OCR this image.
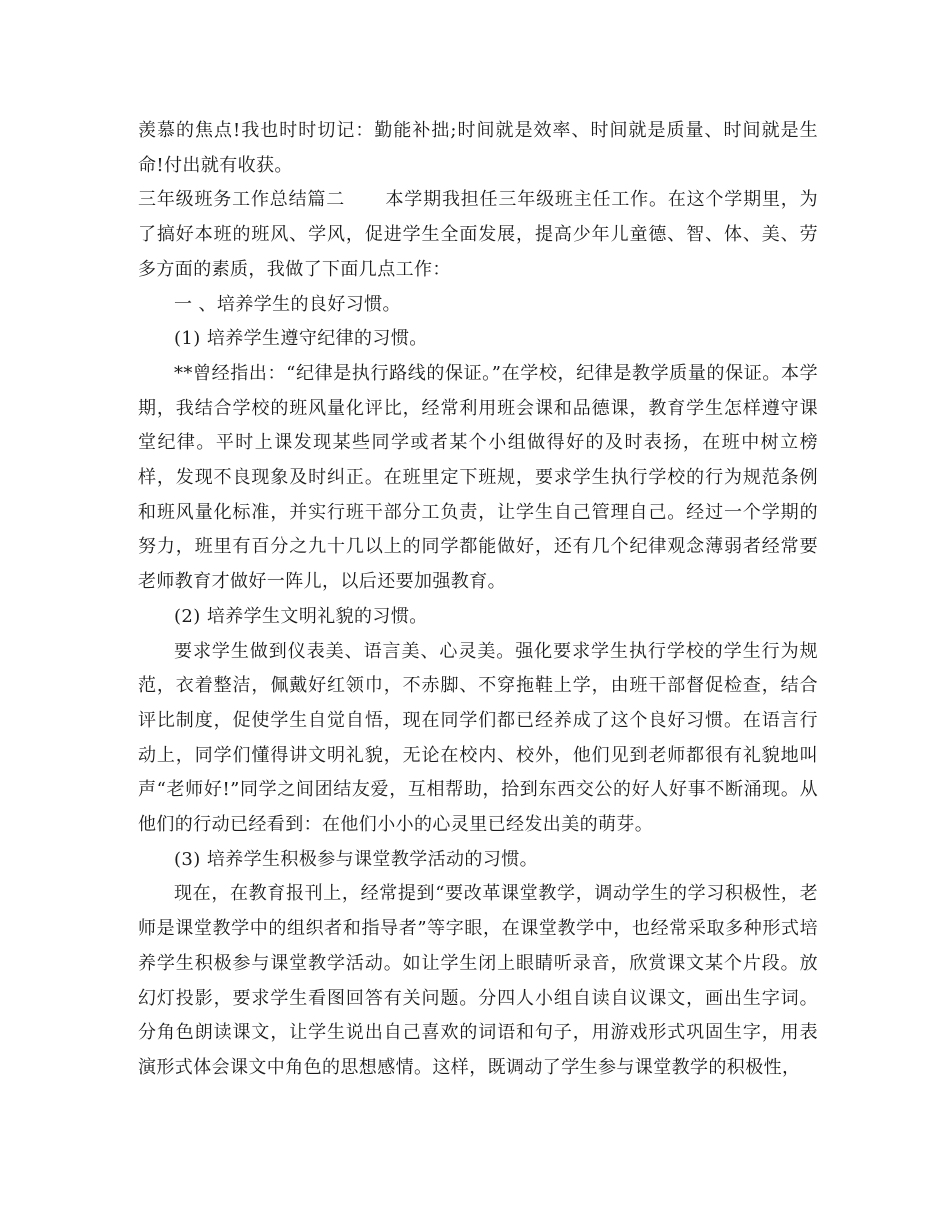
羡慕的焦点!我也时时切记：勤能补拙;时间就是效率、时间就是质量、时间就是生命!付出就有收获。

三年级班务工作总结篇二 本学期我担任三年级班主任工作。在这个学期里，为了搞好本班的班风、学风，促进学生全面发展，提高少年儿童德、智、体、美、劳多方面的素质，我做了下面几点工作：

一 、培养学生的良好习惯。

(1) 培养学生遵守纪律的习惯。

**曾经指出：“纪律是执行路线的保证。”在学校，纪律是教学质量的保证。本学期，我结合学校的班风量化评比，经常利用班会课和品德课，教育学生怎样遵守课堂纪律。平时上课发现某些同学或者某个小组做得好的及时表扬，在班中树立榜样，发现不良现象及时纠正。在班里定下班规，要求学生执行学校的行为规范条例和班风量化标准，并实行班干部分工负责，让学生自己管理自己。经过一个学期的努力，班里有百分之九十几以上的同学都能做好，还有几个纪律观念薄弱者经常要老师教育才做好一阵儿，以后还要加强教育。

(2) 培养学生文明礼貌的习惯。

要求学生做到仪表美、语言美、心灵美。强化要求学生执行学校的学生行为规范，衣着整洁，佩戴好红领巾，不赤脚、不穿拖鞋上学，由班干部督促检查，结合评比制度，促使学生自觉自悟，现在同学们都已经养成了这个良好习惯。在语言行动上，同学们懂得讲文明礼貌，无论在校内、校外，他们见到老师都很有礼貌地叫声“老师好!”同学之间团结友爱，互相帮助，拾到东西交公的好人好事不断涌现。从他们的行动已经看到：在他们小小的心灵里已经发出美的萌芽。

(3) 培养学生积极参与课堂教学活动的习惯。

现在，在教育报刊上，经常提到“要改革课堂教学，调动学生的学习积极性，老师是课堂教学中的组织者和指导者”等字眼，在课堂教学中，也经常采取多种形式培养学生积极参与课堂教学活动。如让学生闭上眼睛听录音，欣赏课文某个片段。放幻灯投影，要求学生看图回答有关问题。分四人小组自读自议课文，画出生字词。分角色朗读课文，让学生说出自己喜欢的词语和句子，用游戏形式巩固生字，用表演形式体会课文中角色的思想感情。这样，既调动了学生参与课堂教学的积极性，
